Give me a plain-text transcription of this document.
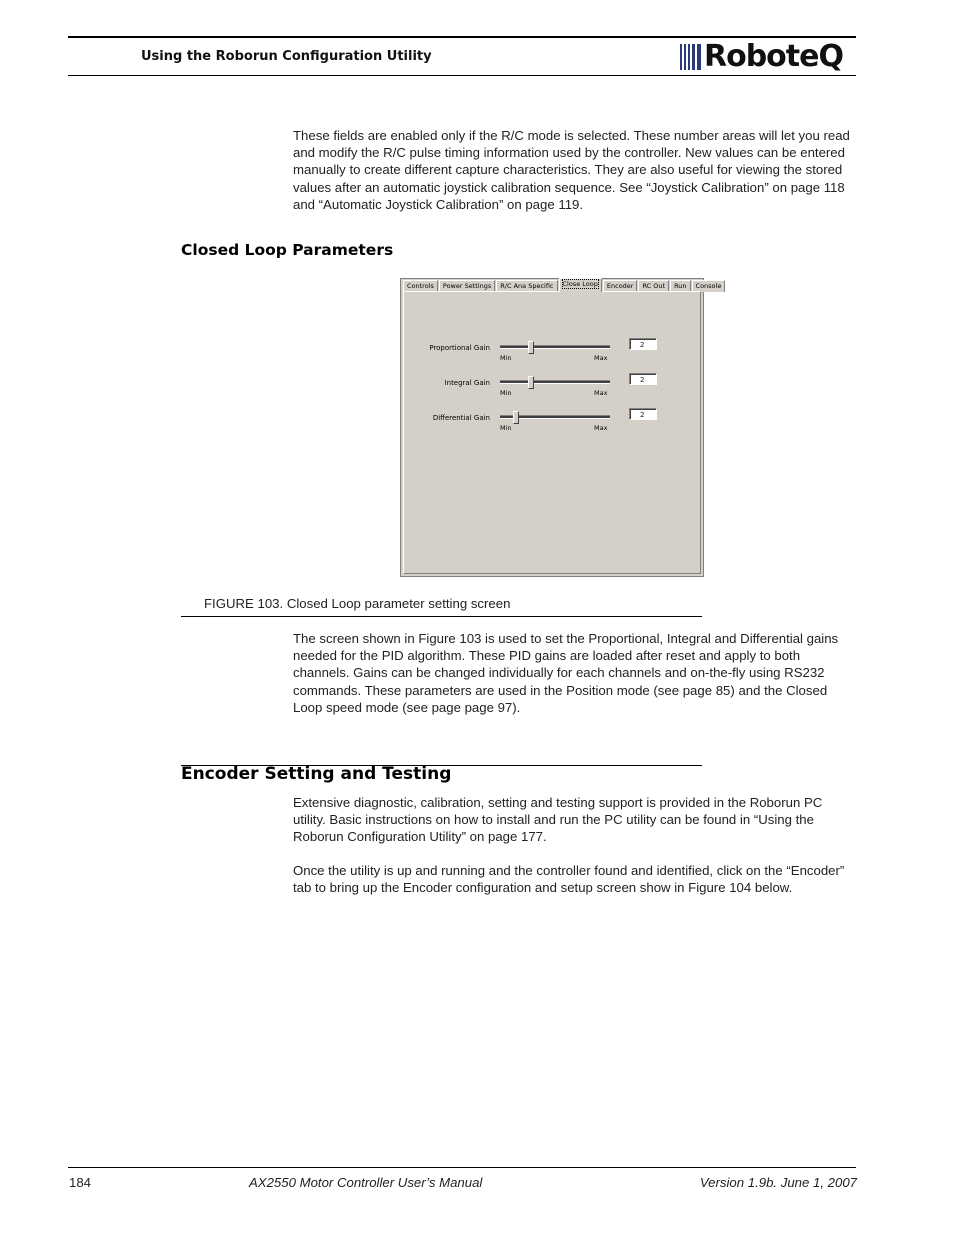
Using the Roborun Configuration Utility	RoboteQ

These fields are enabled only if the R/C mode is selected. These number areas will let you read and modify the R/C pulse timing information used by the controller. New values can be entered manually to create different capture characteristics. They are also useful for viewing the stored values after an automatic joystick calibration sequence. See “Joystick Calibration” on page 118 and “Automatic Joystick Calibration” on page 119.

Closed Loop Parameters
Controls	Power Settings	R/C Ana Specific	Close Loop	Encoder	RC Out	Run	Console
Proportional Gain
Min	Max
2
Integral Gain
Min	Max
2
Differential Gain
Min	Max
2
FIGURE 103. Closed Loop parameter setting screen

The screen shown in Figure 103 is used to set the Proportional, Integral and Differential gains needed for the PID algorithm. These PID gains are loaded after reset and apply to both channels. Gains can be changed individually for each channels and on-the-fly using RS232 commands. These parameters are used in the Position mode (see page 85) and the Closed Loop speed mode (see page page 97).

Encoder Setting and Testing

Extensive diagnostic, calibration, setting and testing support is provided in the Roborun PC utility. Basic instructions on how to install and run the PC utility can be found in “Using the Roborun Configuration Utility” on page 177.

Once the utility is up and running and the controller found and identified, click on the “Encoder” tab to bring up the Encoder configuration and setup screen show in Figure 104 below.

184	AX2550 Motor Controller User’s Manual	Version 1.9b. June 1, 2007
